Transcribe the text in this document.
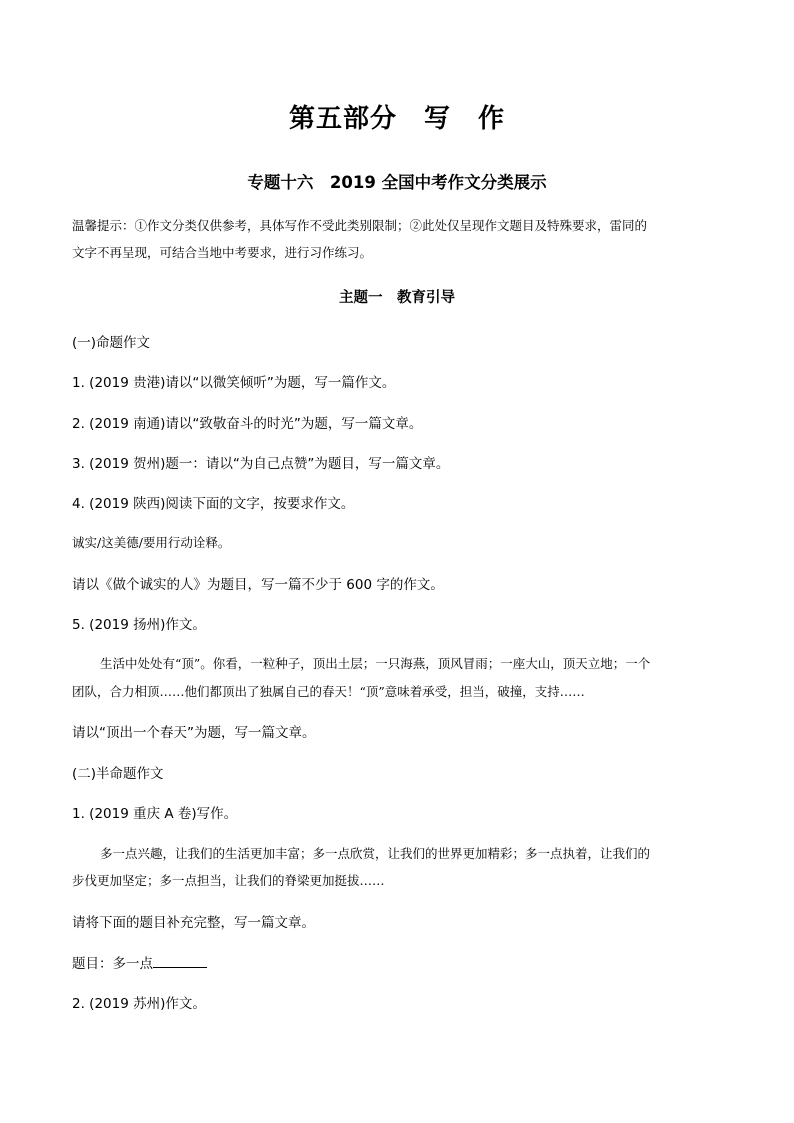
第五部分　写　作
专题十六　2019 全国中考作文分类展示
温馨提示：①作文分类仅供参考，具体写作不受此类别限制；②此处仅呈现作文题目及特殊要求，雷同的
文字不再呈现，可结合当地中考要求，进行习作练习。
主题一　教育引导
(一)命题作文
1. (2019 贵港)请以“以微笑倾听”为题，写一篇作文。
2. (2019 南通)请以“致敬奋斗的时光”为题，写一篇文章。
3. (2019 贺州)题一：请以“为自己点赞”为题目，写一篇文章。
4. (2019 陕西)阅读下面的文字，按要求作文。
诚实/这美德/要用行动诠释。
请以《做个诚实的人》为题目，写一篇不少于 600 字的作文。
5. (2019 扬州)作文。
生活中处处有“顶”。你看，一粒种子，顶出土层；一只海燕，顶风冒雨；一座大山，顶天立地；一个
团队，合力相顶……他们都顶出了独属自己的春天！“顶”意味着承受，担当，破撞，支持……
请以“顶出一个春天”为题，写一篇文章。
(二)半命题作文
1. (2019 重庆 A 卷)写作。
多一点兴趣，让我们的生活更加丰富；多一点欣赏，让我们的世界更加精彩；多一点执着，让我们的
步伐更加坚定；多一点担当，让我们的脊梁更加挺拔……
请将下面的题目补充完整，写一篇文章。
题目：多一点
2. (2019 苏州)作文。
